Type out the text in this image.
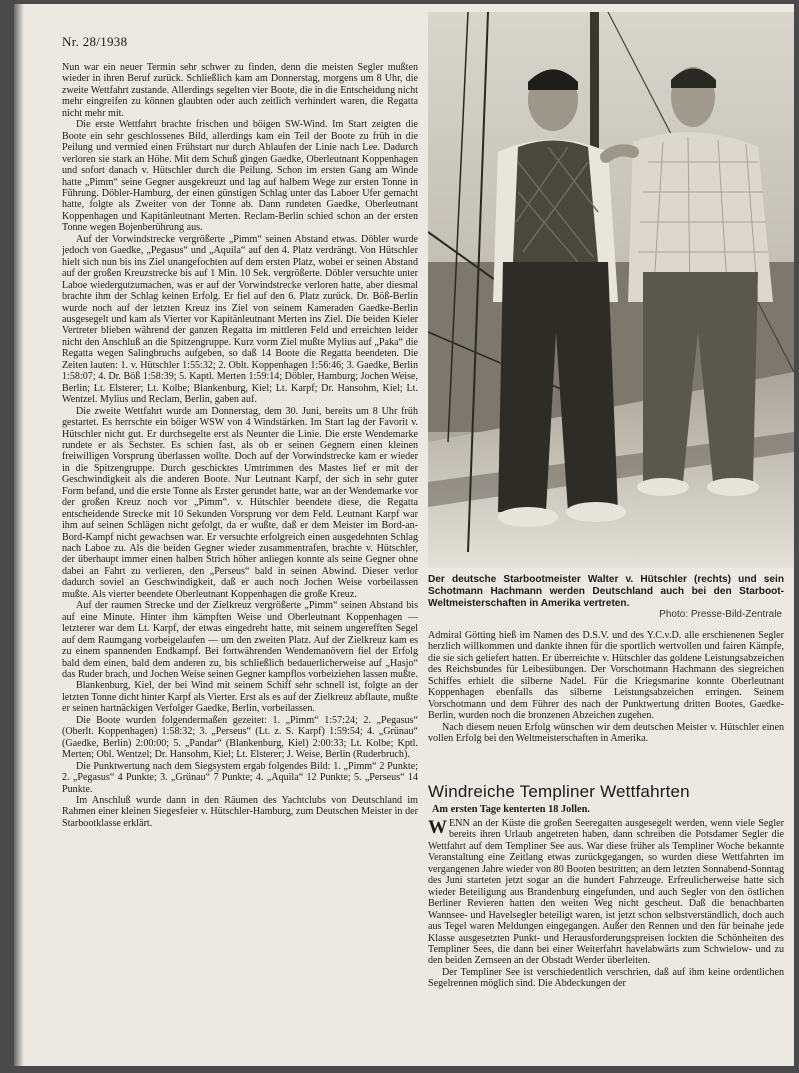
Nr. 28/1938

Nun war ein neuer Termin sehr schwer zu finden, denn die meisten Segler mußten wieder in ihren Beruf zurück. Schließlich kam am Donnerstag, morgens um 8 Uhr, die zweite Wettfahrt zustande. Allerdings segelten vier Boote, die in die Entscheidung nicht mehr eingreifen zu können glaubten oder auch zeitlich verhindert waren, die Regatta nicht mehr mit.

Die erste Wettfahrt brachte frischen und böigen SW-Wind. Im Start zeigten die Boote ein sehr geschlossenes Bild, allerdings kam ein Teil der Boote zu früh in die Peilung und vermied einen Frühstart nur durch Ablaufen der Linie nach Lee. Dadurch verloren sie stark an Höhe. Mit dem Schuß gingen Gaedke, Oberleutnant Koppenhagen und sofort danach v. Hütschler durch die Peilung. Schon im ersten Gang am Winde hatte „Pimm“ seine Gegner ausgekreuzt und lag auf halbem Wege zur ersten Tonne in Führung. Döbler-Hamburg, der einen günstigen Schlag unter das Laboer Ufer gemacht hatte, folgte als Zweiter von der Tonne ab. Dann rundeten Gaedke, Oberleutnant Koppenhagen und Kapitänleutnant Merten. Reclam-Berlin schied schon an der ersten Tonne wegen Bojenberührung aus.

Auf der Vorwindstrecke vergrößerte „Pimm“ seinen Abstand etwas. Döbler wurde jedoch von Gaedke, „Pegasus“ und „Aquila“ auf den 4. Platz verdrängt. Von Hütschler hielt sich nun bis ins Ziel unangefochten auf dem ersten Platz, wobei er seinen Abstand auf der großen Kreuzstrecke bis auf 1 Min. 10 Sek. vergrößerte. Döbler versuchte unter Laboe wiedergutzumachen, was er auf der Vorwindstrecke verloren hatte, aber diesmal brachte ihm der Schlag keinen Erfolg. Er fiel auf den 6. Platz zurück. Dr. Böß-Berlin wurde noch auf der letzten Kreuz ins Ziel von seinem Kameraden Gaedke-Berlin ausgesegelt und kam als Vierter vor Kapitänleutnant Merten ins Ziel. Die beiden Kieler Vertreter blieben während der ganzen Regatta im mittleren Feld und erreichten leider nicht den Anschluß an die Spitzengruppe. Kurz vorm Ziel mußte Mylius auf „Paka“ die Regatta wegen Salingbruchs aufgeben, so daß 14 Boote die Regatta beendeten. Die Zeiten lauten: 1. v. Hütschler 1:55:32; 2. Oblt. Koppenhagen 1:56:46; 3. Gaedke, Berlin 1:58:07; 4. Dr. Böß 1:58:39; 5. Kaptl. Merten 1:59:14; Döbler, Hamburg; Jochen Weise, Berlin; Lt. Elsterer; Lt. Kolbe; Blankenburg, Kiel; Lt. Karpf; Dr. Hansohm, Kiel; Lt. Wentzel. Mylius und Reclam, Berlin, gaben auf.

Die zweite Wettfahrt wurde am Donnerstag, dem 30. Juni, bereits um 8 Uhr früh gestartet. Es herrschte ein böiger WSW von 4 Windstärken. Im Start lag der Favorit v. Hütschler nicht gut. Er durchsegelte erst als Neunter die Linie. Die erste Wendemarke rundete er als Sechster. Es schien fast, als ob er seinen Gegnern einen kleinen freiwilligen Vorsprung überlassen wollte. Doch auf der Vorwindstrecke kam er wieder in die Spitzengruppe. Durch geschicktes Umtrimmen des Mastes lief er mit der Geschwindigkeit als die anderen Boote. Nur Leutnant Karpf, der sich in sehr guter Form befand, und die erste Tonne als Erster gerundet hatte, war an der Wendemarke vor der großen Kreuz noch vor „Pimm“. v. Hütschler beendete diese, die Regatta entscheidende Strecke mit 10 Sekunden Vorsprung vor dem Feld. Leutnant Karpf war ihm auf seinen Schlägen nicht gefolgt, da er wußte, daß er dem Meister im Bord-an-Bord-Kampf nicht gewachsen war. Er versuchte erfolgreich einen ausgedehnten Schlag nach Laboe zu. Als die beiden Gegner wieder zusammentrafen, brachte v. Hütschler, der überhaupt immer einen halben Strich höher anliegen konnte als seine Gegner ohne dabei an Fahrt zu verlieren, den „Perseus“ bald in seinen Abwind. Dieser verlor dadurch soviel an Geschwindigkeit, daß er auch noch Jochen Weise vorbeilassen mußte. Als vierter beendete Oberleutnant Koppenhagen die große Kreuz.

Auf der raumen Strecke und der Zielkreuz vergrößerte „Pimm“ seinen Abstand bis auf eine Minute. Hinter ihm kämpften Weise und Oberleutnant Koppenhagen — letzterer war dem Lt. Karpf, der etwas eingedreht hatte, mit seinem ungerefften Segel auf dem Raumgang vorbeigelaufen — um den zweiten Platz. Auf der Zielkreuz kam es zu einem spannenden Endkampf. Bei fortwährenden Wendemanövern fiel der Erfolg bald dem einen, bald dem anderen zu, bis schließlich bedauerlicherweise auf „Hasjo“ das Ruder brach, und Jochen Weise seinen Gegner kampflos vorbeiziehen lassen mußte.

Blankenburg, Kiel, der bei Wind mit seinem Schiff sehr schnell ist, folgte an der letzten Tonne dicht hinter Karpf als Vierter. Erst als es auf der Zielkreuz abflaute, mußte er seinen hartnäckigen Verfolger Gaedke, Berlin, vorbeilassen.

Die Boote wurden folgendermaßen gezeitet: 1. „Pimm“ 1:57:24; 2. „Pegasus“ (Oberlt. Koppenhagen) 1:58:32; 3. „Perseus“ (Lt. z. S. Karpf) 1:59:54; 4. „Grünau“ (Gaedke, Berlin) 2:00:00; 5. „Pandar“ (Blankenburg, Kiel) 2:00:33; Lt. Kolbe; Kptl. Merten; Obl. Wentzel; Dr. Hansohm, Kiel; Lt. Elsterer; J. Weise, Berlin (Ruderbruch).

Die Punktwertung nach dem Siegsystem ergab folgendes Bild: 1. „Pimm“ 2 Punkte; 2. „Pegasus“ 4 Punkte; 3. „Grünau“ 7 Punkte; 4. „Aquila“ 12 Punkte; 5. „Perseus“ 14 Punkte.

Im Anschluß wurde dann in den Räumen des Yachtclubs von Deutschland im Rahmen einer kleinen Siegesfeier v. Hütschler-Hamburg, zum Deutschen Meister in der Starbootklasse erklärt.

Der deutsche Starbootmeister Walter v. Hütschler (rechts) und sein Schotmann Hachmann werden Deutschland auch bei den Starboot-Weltmeisterschaften in Amerika vertreten.
Photo: Presse-Bild-Zentrale

Admiral Götting hieß im Namen des D.S.V. und des Y.C.v.D. alle erschienenen Segler herzlich willkommen und dankte ihnen für die sportlich wertvollen und fairen Kämpfe, die sie sich geliefert hatten. Er überreichte v. Hütschler das goldene Leistungsabzeichen des Reichsbundes für Leibesübungen. Der Vorschotmann Hachmann des siegreichen Schiffes erhielt die silberne Nadel. Für die Kriegsmarine konnte Oberleutnant Koppenhagen ebenfalls das silberne Leistungsabzeichen erringen. Seinem Vorschotmann und dem Führer des nach der Punktwertung dritten Bootes, Gaedke-Berlin, wurden noch die bronzenen Abzeichen zugehen.

Nach diesem neuen Erfolg wünschen wir dem deutschen Meister v. Hütschler einen vollen Erfolg bei den Weltmeisterschaften in Amerika.

Windreiche Templiner Wettfahrten
Am ersten Tage kenterten 18 Jollen.

WENN an der Küste die großen Seeregatten ausgesegelt werden, wenn viele Segler bereits ihren Urlaub angetreten haben, dann schreiben die Potsdamer Segler die Wettfahrt auf dem Templiner See aus. War diese früher als Templiner Woche bekannte Veranstaltung eine Zeitlang etwas zurückgegangen, so wurden diese Wettfahrten im vergangenen Jahre wieder von 80 Booten bestritten; an dem letzten Sonnabend-Sonntag des Juni starteten jetzt sogar an die hundert Fahrzeuge. Erfreulicherweise hatte sich wieder Beteiligung aus Brandenburg eingefunden, und auch Segler von den östlichen Berliner Revieren hatten den weiten Weg nicht gescheut. Daß die benachbarten Wannsee- und Havelsegler beteiligt waren, ist jetzt schon selbstverständlich, doch auch aus Tegel waren Meldungen eingegangen. Außer den Rennen und den für beinahe jede Klasse ausgesetzten Punkt- und Herausforderungspreisen lockten die Schönheiten des Templiner Sees, die dann bei einer Weiterfahrt havelabwärts zum Schwielow- und zu den beiden Zernseen an der Obstadt Werder überleiten.

Der Templiner See ist verschiedentlich verschrien, daß auf ihm keine ordentlichen Segelrennen möglich sind. Die Abdeckungen der
